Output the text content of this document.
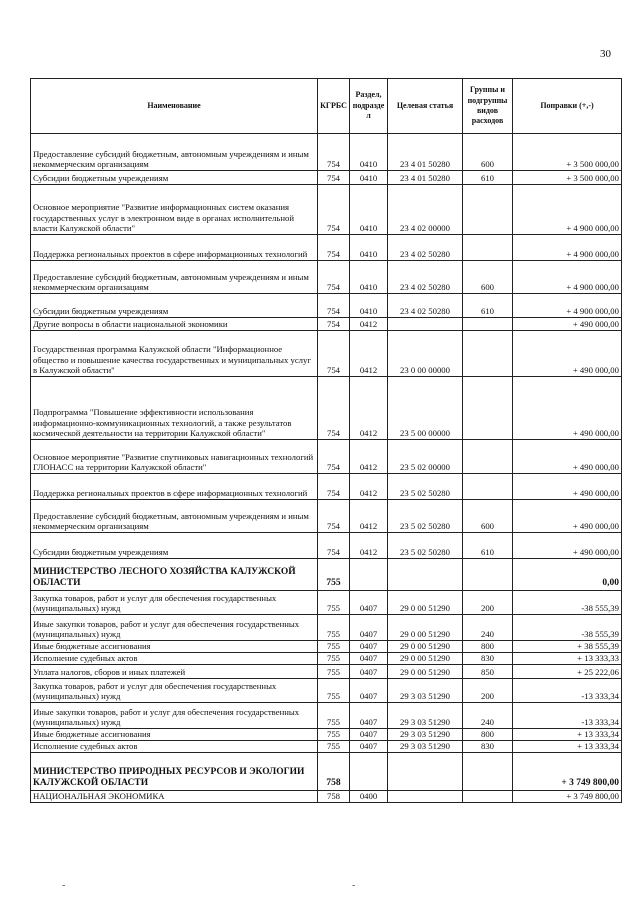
30
Наименование	КГРБС	Раздел, подразде л	Целевая статья	Группы и подгруппы видов расходов	Поправки (+,-)
Предоставление субсидий бюджетным, автономным учреждениям и иным некоммерческим организациям	754	0410	23 4 01 50280	600	+ 3 500 000,00
Субсидии бюджетным учреждениям	754	0410	23 4 01 50280	610	+ 3 500 000,00
Основное мероприятие "Развитие информационных систем оказания государственных услуг в электронном виде в органах исполнительной власти Калужской области"	754	0410	23 4 02 00000		+ 4 900 000,00
Поддержка региональных проектов в сфере информационных технологий	754	0410	23 4 02 50280		+ 4 900 000,00
Предоставление субсидий бюджетным, автономным учреждениям и иным некоммерческим организациям	754	0410	23 4 02 50280	600	+ 4 900 000,00
Субсидии бюджетным учреждениям	754	0410	23 4 02 50280	610	+ 4 900 000,00
Другие вопросы в области национальной экономики	754	0412			+ 490 000,00
Государственная программа Калужской области "Информационное общество и повышение качества государственных и муниципальных услуг в Калужской области"	754	0412	23 0 00 00000		+ 490 000,00
Подпрограмма "Повышение эффективности использования информационно-коммуникационных технологий, а также результатов космической деятельности на территории Калужской области"	754	0412	23 5 00 00000		+ 490 000,00
Основное мероприятие "Развитие спутниковых навигационных технологий ГЛОНАСС на территории Калужской области"	754	0412	23 5 02 00000		+ 490 000,00
Поддержка региональных проектов в сфере информационных технологий	754	0412	23 5 02 50280		+ 490 000,00
Предоставление субсидий бюджетным, автономным учреждениям и иным некоммерческим организациям	754	0412	23 5 02 50280	600	+ 490 000,00
Субсидии бюджетным учреждениям	754	0412	23 5 02 50280	610	+ 490 000,00
МИНИСТЕРСТВО ЛЕСНОГО ХОЗЯЙСТВА КАЛУЖСКОЙ ОБЛАСТИ	755				0,00
Закупка товаров, работ и услуг для обеспечения государственных (муниципальных) нужд	755	0407	29 0 00 51290	200	-38 555,39
Иные закупки товаров, работ и услуг для обеспечения государственных (муниципальных) нужд	755	0407	29 0 00 51290	240	-38 555,39
Иные бюджетные ассигнования	755	0407	29 0 00 51290	800	+ 38 555,39
Исполнение судебных актов	755	0407	29 0 00 51290	830	+ 13 333,33
Уплата налогов, сборов и иных платежей	755	0407	29 0 00 51290	850	+ 25 222,06
Закупка товаров, работ и услуг для обеспечения государственных (муниципальных) нужд	755	0407	29 3 03 51290	200	-13 333,34
Иные закупки товаров, работ и услуг для обеспечения государственных (муниципальных) нужд	755	0407	29 3 03 51290	240	-13 333,34
Иные бюджетные ассигнования	755	0407	29 3 03 51290	800	+ 13 333,34
Исполнение судебных актов	755	0407	29 3 03 51290	830	+ 13 333,34
МИНИСТЕРСТВО ПРИРОДНЫХ РЕСУРСОВ И ЭКОЛОГИИ КАЛУЖСКОЙ ОБЛАСТИ	758				+ 3 749 800,00
НАЦИОНАЛЬНАЯ ЭКОНОМИКА	758	0400			+ 3 749 800,00
-	-
